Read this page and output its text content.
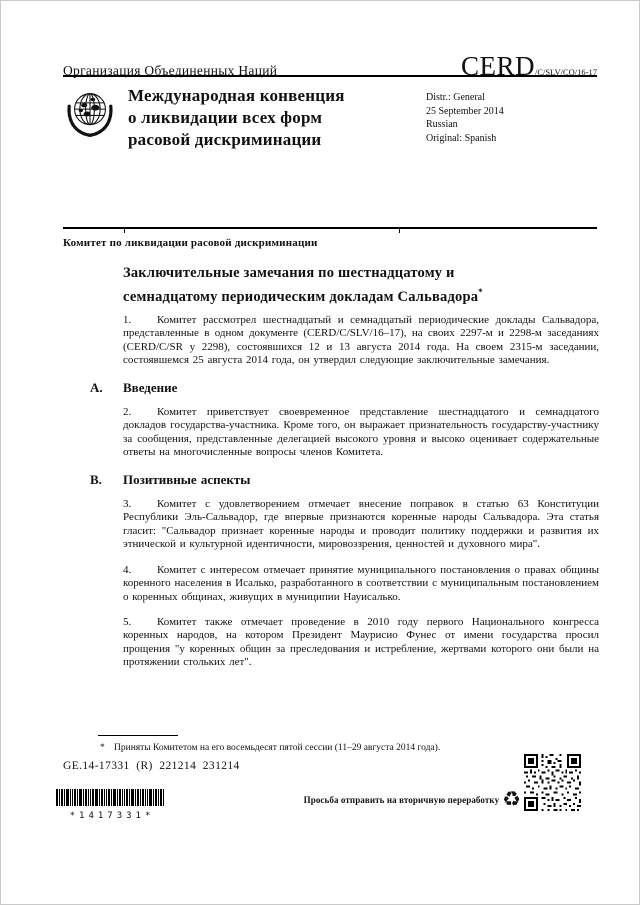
Организация Объединенных Наций	CERD/C/SLV/CO/16-17
Международная конвенция
о ликвидации всех форм
расовой дискриминации
Distr.: General
25 September 2014
Russian
Original: Spanish
Комитет по ликвидации расовой дискриминации
Заключительные замечания по шестнадцатому и семнадцатому периодическим докладам Сальвадора*

1. Комитет рассмотрел шестнадцатый и семнадцатый периодические доклады Сальвадора, представленные в одном документе (CERD/C/SLV/16–17), на своих 2297-м и 2298-м заседаниях (CERD/C/SR у 2298), состоявшихся 12 и 13 августа 2014 года. На своем 2315-м заседании, состоявшемся 25 августа 2014 года, он утвердил следующие заключительные замечания.

A. Введение

2. Комитет приветствует своевременное представление шестнадцатого и семнадцатого докладов государства-участника. Кроме того, он выражает признательность государству-участнику за сообщения, представленные делегацией высокого уровня и высоко оценивает содержательные ответы на многочисленные вопросы членов Комитета.

B. Позитивные аспекты

3. Комитет с удовлетворением отмечает внесение поправок в статью 63 Конституции Республики Эль-Сальвадор, где впервые признаются коренные народы Сальвадора. Эта статья гласит: "Сальвадор признает коренные народы и проводит политику поддержки и развития их этнической и культурной идентичности, мировоззрения, ценностей и духовного мира".

4. Комитет с интересом отмечает принятие муниципального постановления о правах общины коренного населения в Исалько, разработанного в соответствии с муниципальным постановлением о коренных общинах, живущих в муниципии Науисалько.

5. Комитет также отмечает проведение в 2010 году первого Национального конгресса коренных народов, на котором Президент Маурисио Фунес от имени государства просил прощения "у коренных общин за преследования и истребление, жертвами которого они были на протяжении стольких лет".

* Приняты Комитетом на его восемьдесят пятой сессии (11–29 августа 2014 года).
GE.14-17331  (R)  221214  231214
*1417331*
Просьба отправить на вторичную переработку ♻
